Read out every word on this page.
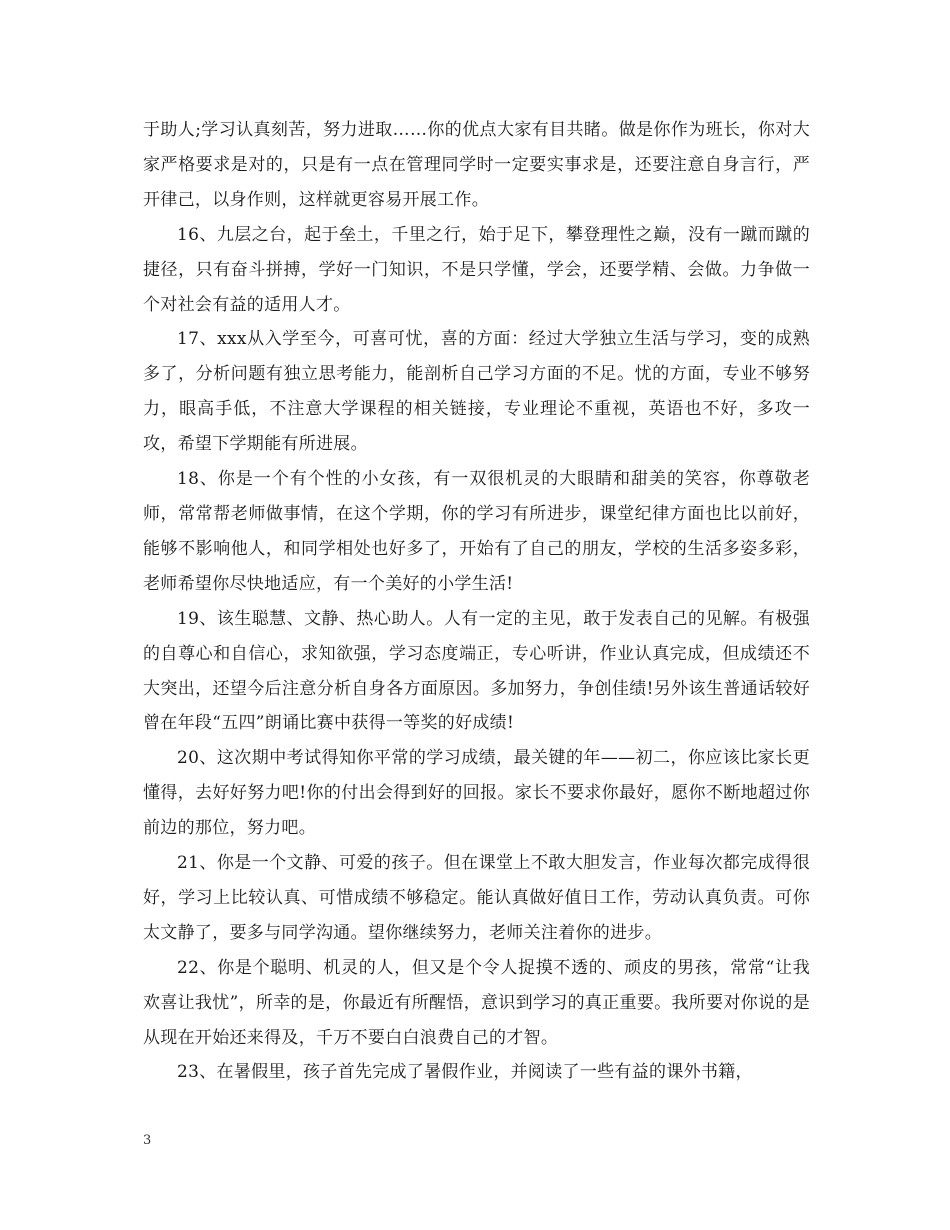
于助人;学习认真刻苦，努力进取……你的优点大家有目共睹。做是你作为班长，你对大家严格要求是对的，只是有一点在管理同学时一定要实事求是，还要注意自身言行，严开律己，以身作则，这样就更容易开展工作。

16、九层之台，起于垒土，千里之行，始于足下，攀登理性之巅，没有一蹴而蹴的捷径，只有奋斗拼搏，学好一门知识，不是只学懂，学会，还要学精、会做。力争做一个对社会有益的适用人才。

17、xxx从入学至今，可喜可忧，喜的方面：经过大学独立生活与学习，变的成熟多了，分析问题有独立思考能力，能剖析自己学习方面的不足。忧的方面，专业不够努力，眼高手低，不注意大学课程的相关链接，专业理论不重视，英语也不好，多攻一攻，希望下学期能有所进展。

18、你是一个有个性的小女孩，有一双很机灵的大眼睛和甜美的笑容，你尊敬老师，常常帮老师做事情，在这个学期，你的学习有所进步，课堂纪律方面也比以前好，能够不影响他人，和同学相处也好多了，开始有了自己的朋友，学校的生活多姿多彩，老师希望你尽快地适应，有一个美好的小学生活!

19、该生聪慧、文静、热心助人。人有一定的主见，敢于发表自己的见解。有极强的自尊心和自信心，求知欲强，学习态度端正，专心听讲，作业认真完成，但成绩还不大突出，还望今后注意分析自身各方面原因。多加努力，争创佳绩!另外该生普通话较好曾在年段“五四”朗诵比赛中获得一等奖的好成绩!

20、这次期中考试得知你平常的学习成绩，最关键的年——初二，你应该比家长更懂得，去好好努力吧!你的付出会得到好的回报。家长不要求你最好，愿你不断地超过你前边的那位，努力吧。

21、你是一个文静、可爱的孩子。但在课堂上不敢大胆发言，作业每次都完成得很好，学习上比较认真、可惜成绩不够稳定。能认真做好值日工作，劳动认真负责。可你太文静了，要多与同学沟通。望你继续努力，老师关注着你的进步。

22、你是个聪明、机灵的人，但又是个令人捉摸不透的、顽皮的男孩，常常“让我欢喜让我忧”，所幸的是，你最近有所醒悟，意识到学习的真正重要。我所要对你说的是从现在开始还来得及，千万不要白白浪费自己的才智。

23、在暑假里，孩子首先完成了暑假作业，并阅读了一些有益的课外书籍，

3
